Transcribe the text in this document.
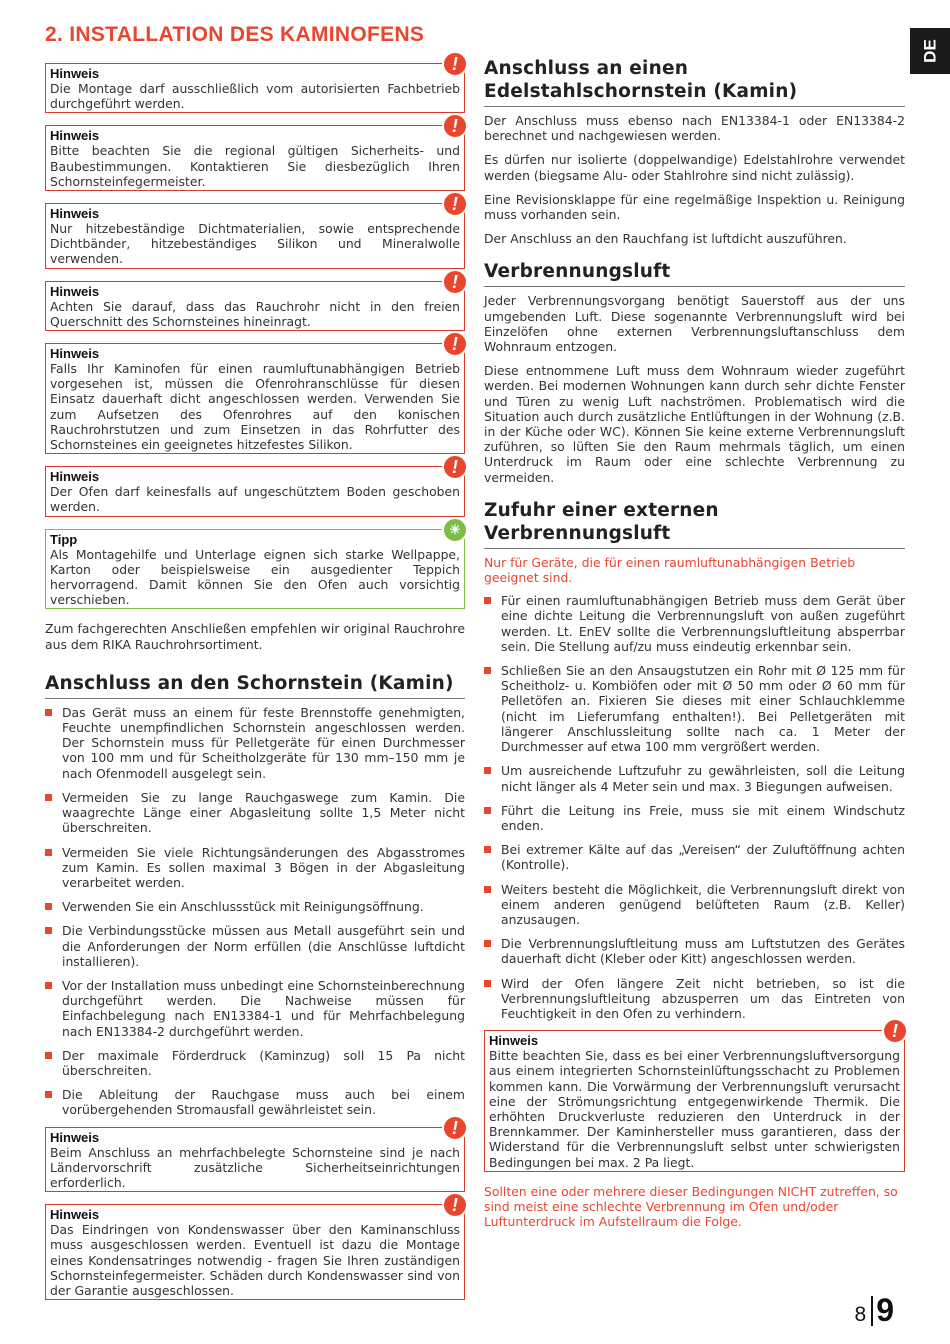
2. INSTALLATION DES KAMINOFENS
!
Hinweis
Die Montage darf ausschließlich vom autorisierten Fachbetrieb durchgeführt werden.
!
Hinweis
Bitte beachten Sie die regional gültigen Sicherheits- und Baubestimmungen. Kontaktieren Sie diesbezüglich Ihren Schornsteinfegermeister.
!
Hinweis
Nur hitzebeständige Dichtmaterialien, sowie entsprechende Dichtbänder, hitzebeständiges Silikon und Mineralwolle verwenden.
!
Hinweis
Achten Sie darauf, dass das Rauchrohr nicht in den freien Querschnitt des Schornsteines hineinragt.
!
Hinweis
Falls Ihr Kaminofen für einen raumluftunabhängigen Betrieb vorgesehen ist, müssen die Ofenrohranschlüsse für diesen Einsatz dauerhaft dicht angeschlossen werden. Verwenden Sie zum Aufsetzen des Ofenrohres auf den konischen Rauchrohrstutzen und zum Einsetzen in das Rohrfutter des Schornsteines ein geeignetes hitzefestes Silikon.
!
Hinweis
Der Ofen darf keinesfalls auf ungeschütztem Boden geschoben werden.
☀
Tipp
Als Montagehilfe und Unterlage eignen sich starke Wellpappe, Karton oder beispielsweise ein ausgedienter Teppich hervorragend. Damit können Sie den Ofen auch vorsichtig verschieben.

Zum fachgerechten Anschließen empfehlen wir original Rauchrohre aus dem RIKA Rauchrohrsortiment.

Anschluss an den Schornstein (Kamin)
Das Gerät muss an einem für feste Brennstoffe genehmigten, Feuchte unempfindlichen Schornstein angeschlossen werden. Der Schornstein muss für Pelletgeräte für einen Durchmesser von 100 mm und für Scheitholzgeräte für 130 mm–150 mm je nach Ofenmodell ausgelegt sein.
Vermeiden Sie zu lange Rauchgaswege zum Kamin. Die waagrechte Länge einer Abgasleitung sollte 1,5 Meter nicht überschreiten.
Vermeiden Sie viele Richtungsänderungen des Abgasstromes zum Kamin. Es sollen maximal 3 Bögen in der Abgasleitung verarbeitet werden.
Verwenden Sie ein Anschlussstück mit Reinigungsöffnung.
Die Verbindungsstücke müssen aus Metall ausgeführt sein und die Anforderungen der Norm erfüllen (die Anschlüsse luftdicht installieren).
Vor der Installation muss unbedingt eine Schornsteinberechnung durchgeführt werden. Die Nachweise müssen für Einfachbelegung nach EN13384-1 und für Mehrfachbelegung nach EN13384-2 durchgeführt werden.
Der maximale Förderdruck (Kaminzug) soll 15 Pa nicht überschreiten.
Die Ableitung der Rauchgase muss auch bei einem vorübergehenden Stromausfall gewährleistet sein.
!
Hinweis
Beim Anschluss an mehrfachbelegte Schornsteine sind je nach Ländervorschrift zusätzliche Sicherheitseinrichtungen erforderlich.
!
Hinweis
Das Eindringen von Kondenswasser über den Kaminanschluss muss ausgeschlossen werden. Eventuell ist dazu die Montage eines Kondensatringes notwendig - fragen Sie Ihren zuständigen Schornsteinfegermeister. Schäden durch Kondenswasser sind von der Garantie ausgeschlossen.
Anschluss an einen Edelstahlschornstein (Kamin)

Der Anschluss muss ebenso nach EN13384-1 oder EN13384-2 berechnet und nachgewiesen werden.

Es dürfen nur isolierte (doppelwandige) Edelstahlrohre verwendet werden (biegsame Alu- oder Stahlrohre sind nicht zulässig).

Eine Revisionsklappe für eine regelmäßige Inspektion u. Reinigung muss vorhanden sein.

Der Anschluss an den Rauchfang ist luftdicht auszuführen.

Verbrennungsluft

Jeder Verbrennungsvorgang benötigt Sauerstoff aus der uns umgebenden Luft. Diese sogenannte Verbrennungsluft wird bei Einzelöfen ohne externen Verbrennungsluftanschluss dem Wohnraum entzogen.

Diese entnommene Luft muss dem Wohnraum wieder zugeführt werden. Bei modernen Wohnungen kann durch sehr dichte Fenster und Türen zu wenig Luft nachströmen. Problematisch wird die Situation auch durch zusätzliche Entlüftungen in der Wohnung (z.B. in der Küche oder WC). Können Sie keine externe Verbrennungsluft zuführen, so lüften Sie den Raum mehrmals täglich, um einen Unterdruck im Raum oder eine schlechte Verbrennung zu vermeiden.

Zufuhr einer externen Verbrennungsluft

Nur für Geräte, die für einen raumluftunabhängigen Betrieb geeignet sind.

Für einen raumluftunabhängigen Betrieb muss dem Gerät über eine dichte Leitung die Verbrennungsluft von außen zugeführt werden. Lt. EnEV sollte die Verbrennungsluftleitung absperrbar sein. Die Stellung auf/zu muss eindeutig erkennbar sein.
Schließen Sie an den Ansaugstutzen ein Rohr mit Ø 125 mm für Scheitholz- u. Kombiöfen oder mit Ø 50 mm oder Ø 60 mm für Pelletöfen an. Fixieren Sie dieses mit einer Schlauchklemme (nicht im Lieferumfang enthalten!). Bei Pelletgeräten mit längerer Anschlussleitung sollte nach ca. 1 Meter der Durchmesser auf etwa 100 mm vergrößert werden.
Um ausreichende Luftzufuhr zu gewährleisten, soll die Leitung nicht länger als 4 Meter sein und max. 3 Biegungen aufweisen.
Führt die Leitung ins Freie, muss sie mit einem Windschutz enden.
Bei extremer Kälte auf das „Vereisen“ der Zuluftöffnung achten (Kontrolle).
Weiters besteht die Möglichkeit, die Verbrennungsluft direkt von einem anderen genügend belüfteten Raum (z.B. Keller) anzusaugen.
Die Verbrennungsluftleitung muss am Luftstutzen des Gerätes dauerhaft dicht (Kleber oder Kitt) angeschlossen werden.
Wird der Ofen längere Zeit nicht betrieben, so ist die Verbrennungsluftleitung abzusperren um das Eintreten von Feuchtigkeit in den Ofen zu verhindern.
!
Hinweis
Bitte beachten Sie, dass es bei einer Verbrennungsluftversorgung aus einem integrierten Schornsteinlüftungsschacht zu Problemen kommen kann. Die Vorwärmung der Verbrennungsluft verursacht eine der Strömungsrichtung entgegenwirkende Thermik. Die erhöhten Druckverluste reduzieren den Unterdruck in der Brennkammer. Der Kaminhersteller muss garantieren, dass der Widerstand für die Verbrennungsluft selbst unter schwierigsten Bedingungen bei max. 2 Pa liegt.

Sollten eine oder mehrere dieser Bedingungen NICHT zutreffen, so sind meist eine schlechte Verbrennung im Ofen und/oder Luftunterdruck im Aufstellraum die Folge.

DE
8 9
